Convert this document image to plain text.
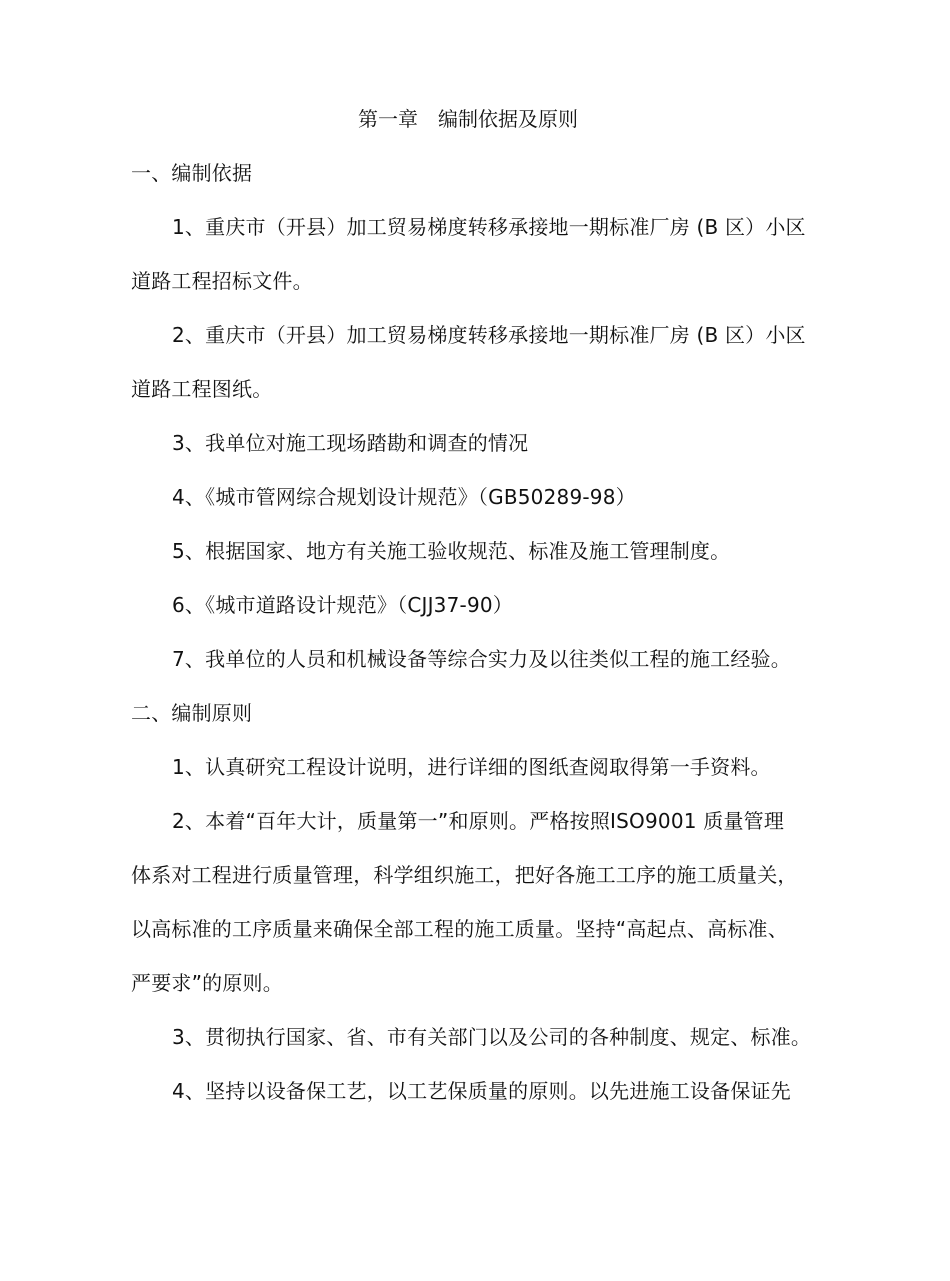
第一章　编制依据及原则
一、编制依据
1、重庆市（开县）加工贸易梯度转移承接地一期标准厂房 (B 区）小区
道路工程招标文件。
2、重庆市（开县）加工贸易梯度转移承接地一期标准厂房 (B 区）小区
道路工程图纸。
3、我单位对施工现场踏勘和调查的情况
4、《城市管网综合规划设计规范》（GB50289-98）
5、根据国家、地方有关施工验收规范、标准及施工管理制度。
6、《城市道路设计规范》（CJJ37-90）
7、我单位的人员和机械设备等综合实力及以往类似工程的施工经验。
二、编制原则
1、认真研究工程设计说明，进行详细的图纸查阅取得第一手资料。
2、本着“百年大计，质量第一”和原则。严格按照ISO9001 质量管理
体系对工程进行质量管理，科学组织施工，把好各施工工序的施工质量关，
以高标准的工序质量来确保全部工程的施工质量。坚持“高起点、高标准、
严要求”的原则。
3、贯彻执行国家、省、市有关部门以及公司的各种制度、规定、标准。
4、坚持以设备保工艺，以工艺保质量的原则。以先进施工设备保证先
